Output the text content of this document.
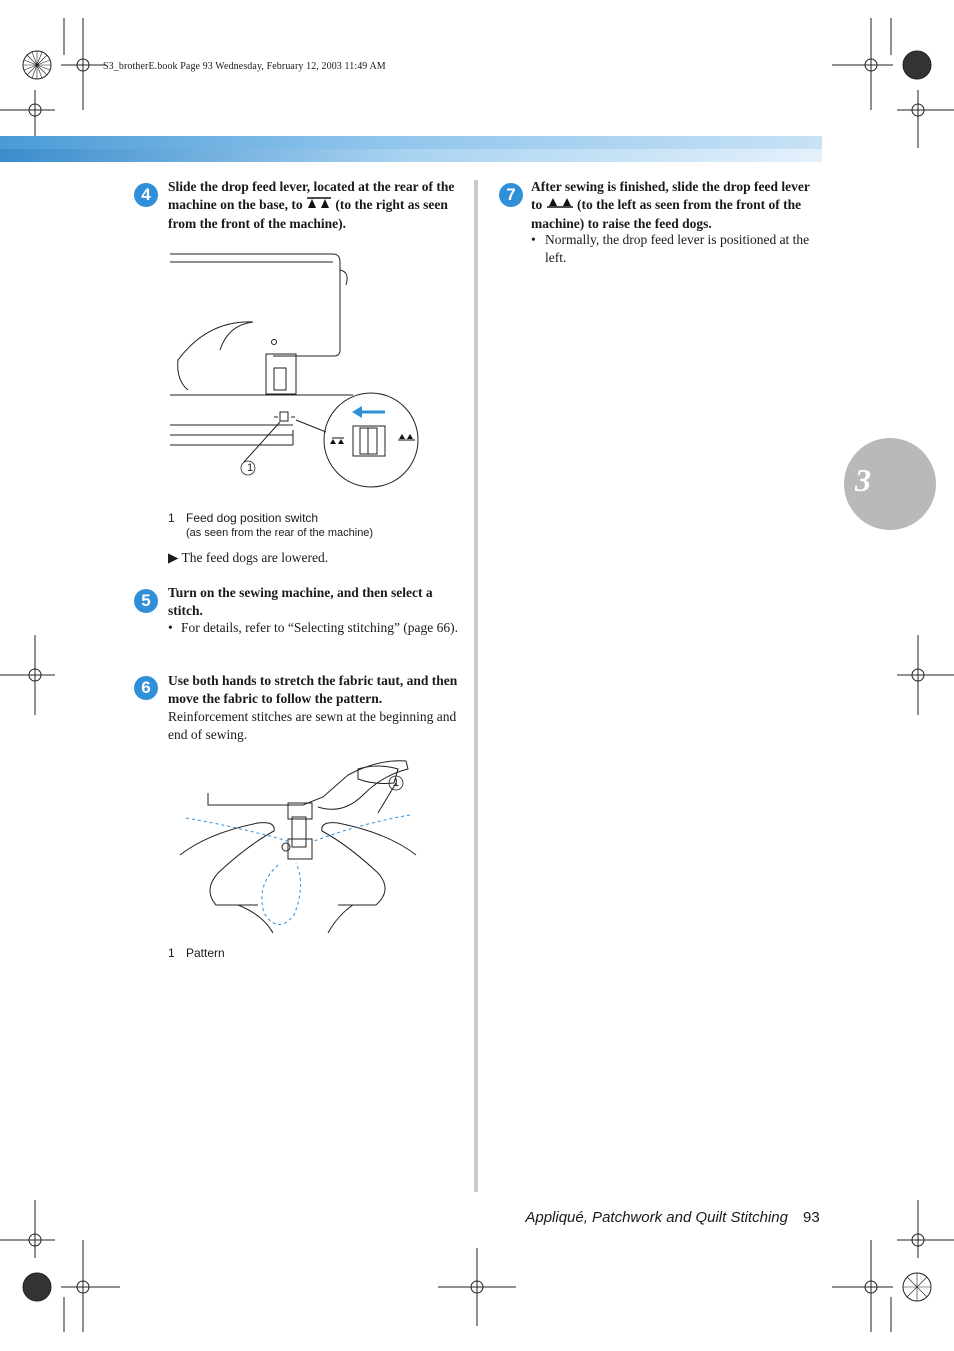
S3_brotherE.book Page 93 Wednesday, February 12, 2003 11:49 AM
3
4	Slide the drop feed lever, located at the rear of the machine on the base, to (to the right as seen from the front of the machine).
1
1 Feed dog position switch
(as seen from the rear of the machine)
▶ The feed dogs are lowered.
5	Turn on the sewing machine, and then select a stitch.
• For details, refer to “Selecting stitching” (page 66).
6	Use both hands to stretch the fabric taut, and then move the fabric to follow the pattern.
Reinforcement stitches are sewn at the beginning and end of sewing.
1
1 Pattern
7	After sewing is finished, slide the drop feed lever to	(to the left as seen from the front of the machine) to raise the feed dogs.
• Normally, the drop feed lever is positioned at the left.
Appliqué, Patchwork and Quilt Stitching 93
